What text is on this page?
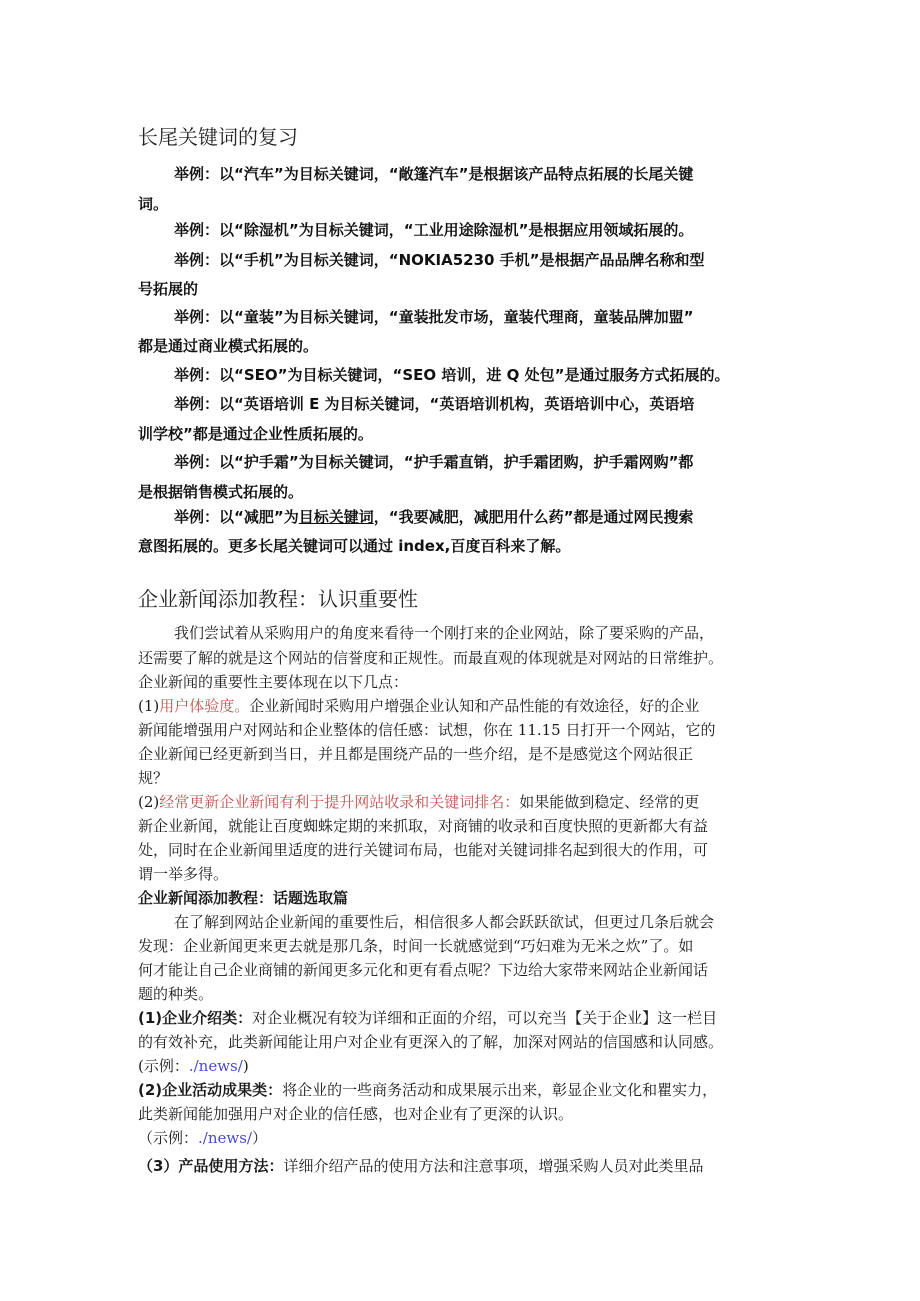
长尾关键词的复习

举例：以“汽车”为目标关键词，“敞篷汽车”是根据该产品特点拓展的长尾关键

词。

举例：以“除湿机”为目标关键词，“工业用途除湿机”是根据应用领域拓展的。

举例：以“手机”为目标关键词，“NOKIA5230 手机”是根据产品品牌名称和型

号拓展的

举例：以“童装”为目标关键词，“童装批发市场，童装代理商，童装品牌加盟”

都是通过商业模式拓展的。

举例：以“SEO”为目标关键词，“SEO 培训，进 Q 处包”是通过服务方式拓展的。

举例：以“英语培训 E 为目标关键词，“英语培训机构，英语培训中心，英语培

训学校”都是通过企业性质拓展的。

举例：以“护手霜”为目标关键词，“护手霜直销，护手霜团购，护手霜网购”都

是根据销售模式拓展的。

举例：以“减肥”为目标关键词，“我要减肥，减肥用什么药”都是通过网民搜索

意图拓展的。更多长尾关键词可以通过 index,百度百科来了解。

企业新闻添加教程：认识重要性

我们尝试着从采购用户的角度来看待一个刚打来的企业网站，除了要采购的产品，

还需要了解的就是这个网站的信誉度和正规性。而最直观的体现就是对网站的日常维护。

企业新闻的重要性主要体现在以下几点：

(1)用户体验度。企业新闻时采购用户增强企业认知和产品性能的有效途径，好的企业

新闻能增强用户对网站和企业整体的信任感：试想，你在 11.15 日打开一个网站，它的

企业新闻已经更新到当日，并且都是围绕产品的一些介绍，是不是感觉这个网站很正

规？

(2)经常更新企业新闻有利于提升网站收录和关键词排名：如果能做到稳定、经常的更

新企业新闻，就能让百度蜘蛛定期的来抓取，对商铺的收录和百度快照的更新都大有益

处，同时在企业新闻里适度的进行关键词布局，也能对关键词排名起到很大的作用，可

谓一举多得。

企业新闻添加教程：话题选取篇

在了解到网站企业新闻的重要性后，相信很多人都会跃跃欲试，但更过几条后就会

发现：企业新闻更来更去就是那几条，时间一长就感觉到“巧妇难为无米之炊”了。如

何才能让自己企业商铺的新闻更多元化和更有看点呢？下边给大家带来网站企业新闻话

题的种类。

(1)企业介绍类：对企业概况有较为详细和正面的介绍，可以充当【关于企业】这一栏目

的有效补充，此类新闻能让用户对企业有更深入的了解，加深对网站的信国感和认同感。

(示例：./news/)

(2)企业活动成果类：将企业的一些商务活动和成果展示出来，彰显企业文化和瞿实力，

此类新闻能加强用户对企业的信任感，也对企业有了更深的认识。

（示例：./news/）

（3）产品使用方法：详细介绍产品的使用方法和注意事项，增强采购人员对此类里品
